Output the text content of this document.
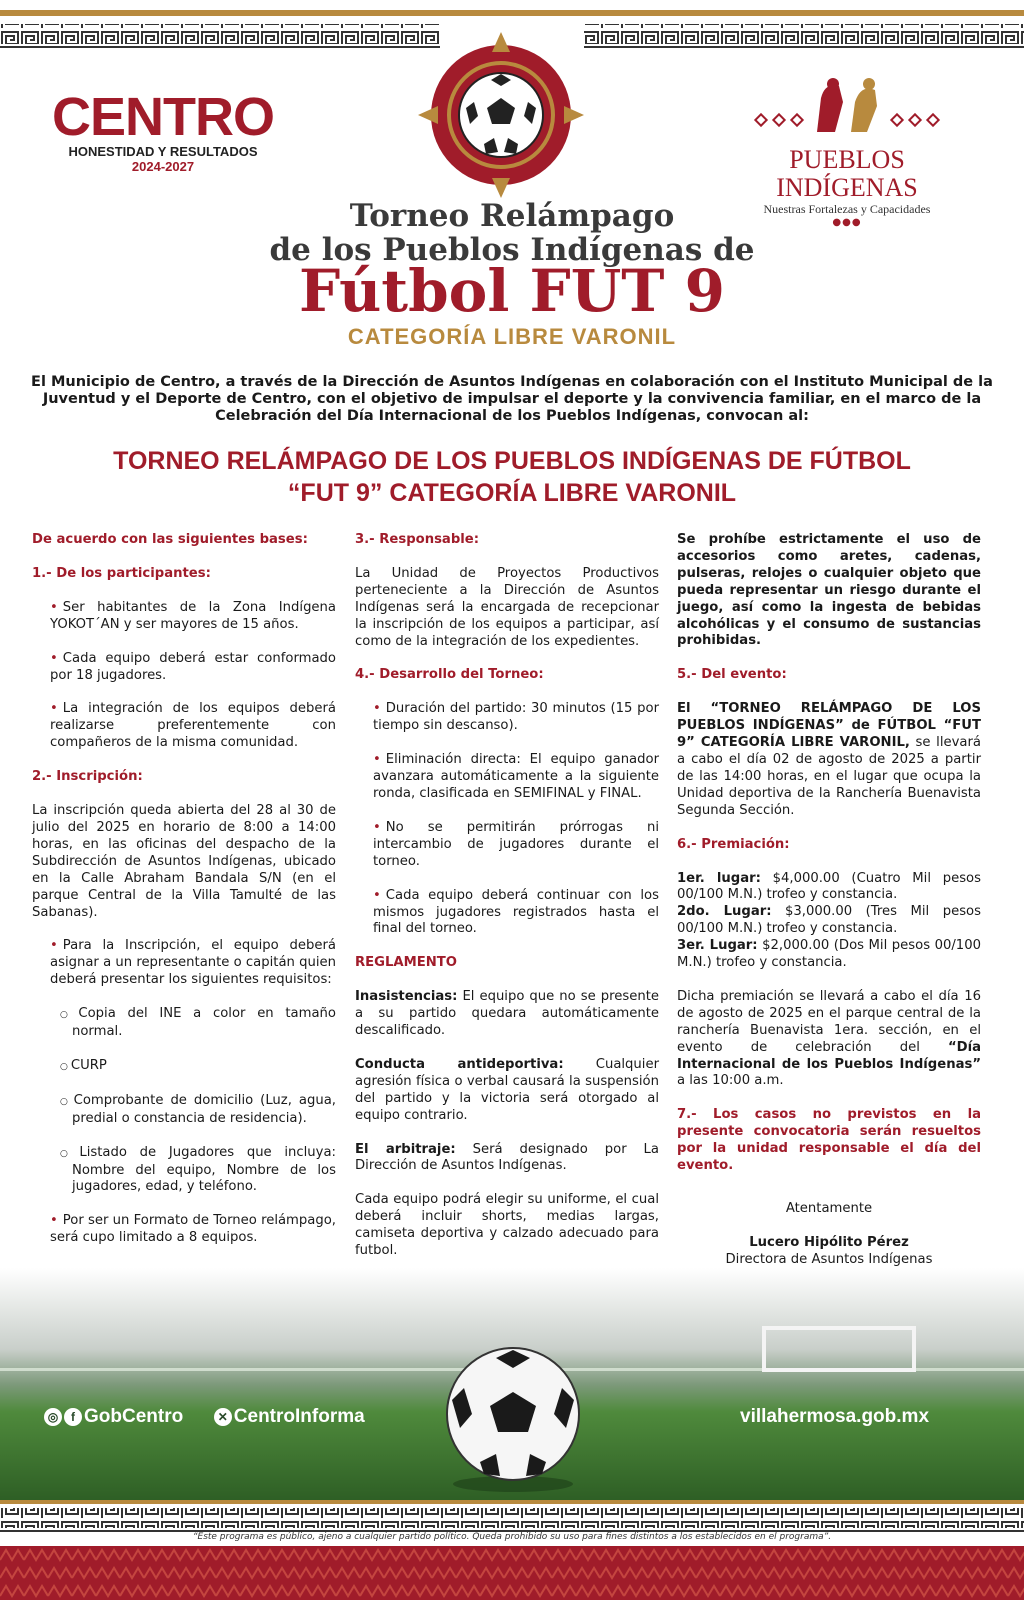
CENTRO
HONESTIDAD Y RESULTADOS
2024-2027	PUEBLOS INDÍGENAS
Nuestras Fortalezas y Capacidades
●●●
Torneo Relámpago
de los Pueblos Indígenas de
Fútbol FUT 9
CATEGORÍA LIBRE VARONIL
El Municipio de Centro, a través de la Dirección de Asuntos Indígenas en colaboración con el Instituto Municipal de la Juventud y el Deporte de Centro, con el objetivo de impulsar el deporte y la convivencia familiar, en el marco de la Celebración del Día Internacional de los Pueblos Indígenas, convocan al:
TORNEO RELÁMPAGO DE LOS PUEBLOS INDÍGENAS DE FÚTBOL
“FUT 9” CATEGORÍA LIBRE VARONIL

De acuerdo con las siguientes bases:

1.- De los participantes:

• Ser habitantes de la Zona Indígena YOKOT´AN y ser mayores de 15 años.

• Cada equipo deberá estar conformado por 18 jugadores.

• La integración de los equipos deberá realizarse preferentemente con compañeros de la misma comunidad.

2.- Inscripción:

La inscripción queda abierta del 28 al 30 de julio del 2025 en horario de 8:00 a 14:00 horas, en las oficinas del despacho de la Subdirección de Asuntos Indígenas, ubicado en la Calle Abraham Bandala S/N (en el parque Central de la Villa Tamulté de las Sabanas).

• Para la Inscripción, el equipo deberá asignar a un representante o capitán quien deberá presentar los siguientes requisitos:

○ Copia del INE a color en tamaño normal.

○ CURP

○ Comprobante de domicilio (Luz, agua, predial o constancia de residencia).

○ Listado de Jugadores que incluya: Nombre del equipo, Nombre de los jugadores, edad, y teléfono.

• Por ser un Formato de Torneo relámpago, será cupo limitado a 8 equipos.

3.- Responsable:

La Unidad de Proyectos Productivos perteneciente a la Dirección de Asuntos Indígenas será la encargada de recepcionar la inscripción de los equipos a participar, así como de la integración de los expedientes.

4.- Desarrollo del Torneo:

• Duración del partido: 30 minutos (15 por tiempo sin descanso).

• Eliminación directa: El equipo ganador avanzara automáticamente a la siguiente ronda, clasificada en SEMIFINAL y FINAL.

• No se permitirán prórrogas ni intercambio de jugadores durante el torneo.

• Cada equipo deberá continuar con los mismos jugadores registrados hasta el final del torneo.

REGLAMENTO

Inasistencias: El equipo que no se presente a su partido quedara automáticamente descalificado.

Conducta antideportiva: Cualquier agresión física o verbal causará la suspensión del partido y la victoria será otorgado al equipo contrario.

El arbitraje: Será designado por La Dirección de Asuntos Indígenas.

Cada equipo podrá elegir su uniforme, el cual deberá incluir shorts, medias largas, camiseta deportiva y calzado adecuado para futbol.

Se prohíbe estrictamente el uso de accesorios como aretes, cadenas, pulseras, relojes o cualquier objeto que pueda representar un riesgo durante el juego, así como la ingesta de bebidas alcohólicas y el consumo de sustancias prohibidas.

5.- Del evento:

El “TORNEO RELÁMPAGO DE LOS PUEBLOS INDÍGENAS” de FÚTBOL “FUT 9” CATEGORÍA LIBRE VARONIL, se llevará a cabo el día 02 de agosto de 2025 a partir de las 14:00 horas, en el lugar que ocupa la Unidad deportiva de la Ranchería Buenavista Segunda Sección.

6.- Premiación:

1er. lugar: $4,000.00 (Cuatro Mil pesos 00/100 M.N.) trofeo y constancia.
2do. Lugar: $3,000.00 (Tres Mil pesos 00/100 M.N.) trofeo y constancia.
3er. Lugar: $2,000.00 (Dos Mil pesos 00/100 M.N.) trofeo y constancia.

Dicha premiación se llevará a cabo el día 16 de agosto de 2025 en el parque central de la ranchería Buenavista 1era. sección, en el evento de celebración del “Día Internacional de los Pueblos Indígenas” a las 10:00 a.m.

7.- Los casos no previstos en la presente convocatoria serán resueltos por la unidad responsable el día del evento.

Atentamente

Lucero Hipólito Pérez
Directora de Asuntos Indígenas

◎ f GobCentro	✕ CentroInforma	villahermosa.gob.mx
“Este programa es público, ajeno a cualquier partido político. Queda prohibido su uso para fines distintos a los establecidos en el programa”.
